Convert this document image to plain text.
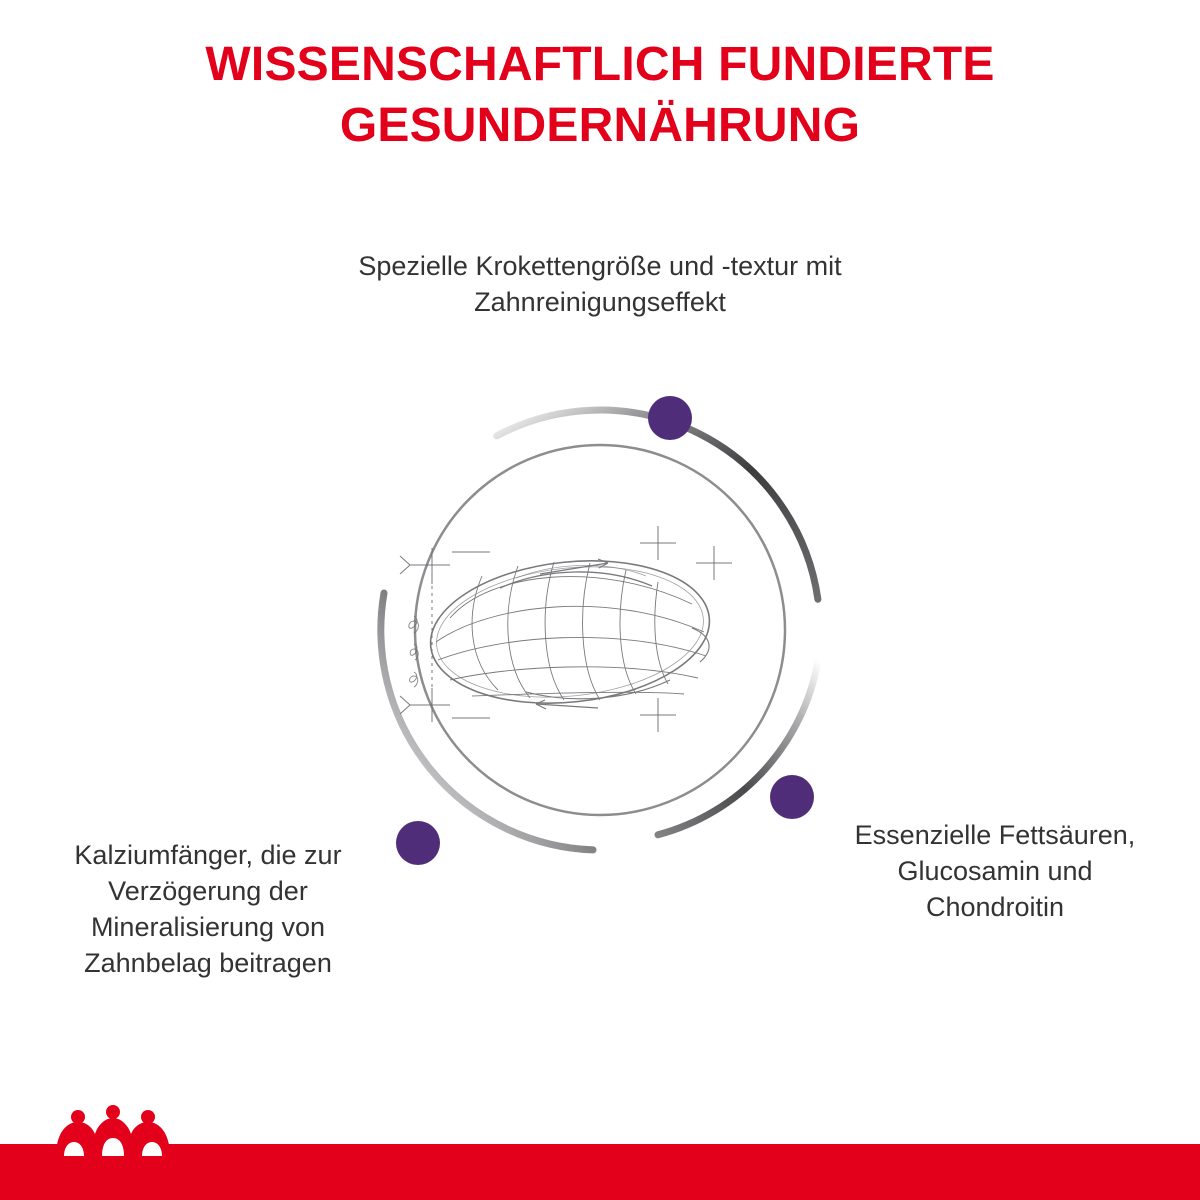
WISSENSCHAFTLICH FUNDIERTE
GESUNDERNÄHRUNG
Spezielle Krokettengröße und -textur mit Zahnreinigungseffekt
Kalziumfänger, die zur Verzögerung der Mineralisierung von Zahnbelag beitragen
Essenzielle Fettsäuren, Glucosamin und Chondroitin
